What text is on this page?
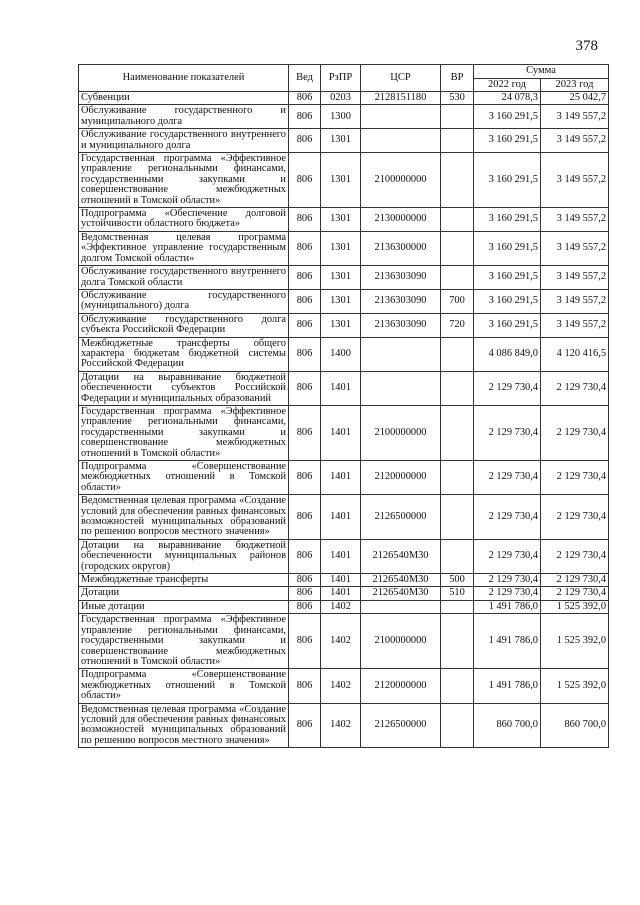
378
Наименование показателей	Вед	РзПР	ЦСР	ВР	Сумма	
					2022 год	2023 год
Субвенции	806	0203	2128151180	530	24 078,3	25 042,7
Обслуживание государственного и муниципального долга	806	1300			3 160 291,5	3 149 557,2
Обслуживание государственного внутреннего и муниципального долга	806	1301			3 160 291,5	3 149 557,2
Государственная программа «Эффективное управление региональными финансами, государственными закупками и совершенствование межбюджетных отношений в Томской области»	806	1301	2100000000		3 160 291,5	3 149 557,2
Подпрограмма «Обеспечение долговой устойчивости областного бюджета»	806	1301	2130000000		3 160 291,5	3 149 557,2
Ведомственная целевая программа «Эффективное управление государственным долгом Томской области»	806	1301	2136300000		3 160 291,5	3 149 557,2
Обслуживание государственного внутреннего долга Томской области	806	1301	2136303090		3 160 291,5	3 149 557,2
Обслуживание государственного (муниципального) долга	806	1301	2136303090	700	3 160 291,5	3 149 557,2
Обслуживание государственного долга субъекта Российской Федерации	806	1301	2136303090	720	3 160 291,5	3 149 557,2
Межбюджетные трансферты общего характера бюджетам бюджетной системы Российской Федерации	806	1400			4 086 849,0	4 120 416,5
Дотации на выравнивание бюджетной обеспеченности субъектов Российской Федерации и муниципальных образований	806	1401			2 129 730,4	2 129 730,4
Государственная программа «Эффективное управление региональными финансами, государственными закупками и совершенствование межбюджетных отношений в Томской области»	806	1401	2100000000		2 129 730,4	2 129 730,4
Подпрограмма «Совершенствование межбюджетных отношений в Томской области»	806	1401	2120000000		2 129 730,4	2 129 730,4
Ведомственная целевая программа «Создание условий для обеспечения равных финансовых возможностей муниципальных образований по решению вопросов местного значения»	806	1401	2126500000		2 129 730,4	2 129 730,4
Дотации на выравнивание бюджетной обеспеченности муниципальных районов (городских округов)	806	1401	2126540M30		2 129 730,4	2 129 730,4
Межбюджетные трансферты	806	1401	2126540M30	500	2 129 730,4	2 129 730,4
Дотации	806	1401	2126540M30	510	2 129 730,4	2 129 730,4
Иные дотации	806	1402			1 491 786,0	1 525 392,0
Государственная программа «Эффективное управление региональными финансами, государственными закупками и совершенствование межбюджетных отношений в Томской области»	806	1402	2100000000		1 491 786,0	1 525 392,0
Подпрограмма «Совершенствование межбюджетных отношений в Томской области»	806	1402	2120000000		1 491 786,0	1 525 392,0
Ведомственная целевая программа «Создание условий для обеспечения равных финансовых возможностей муниципальных образований по решению вопросов местного значения»	806	1402	2126500000		860 700,0	860 700,0
